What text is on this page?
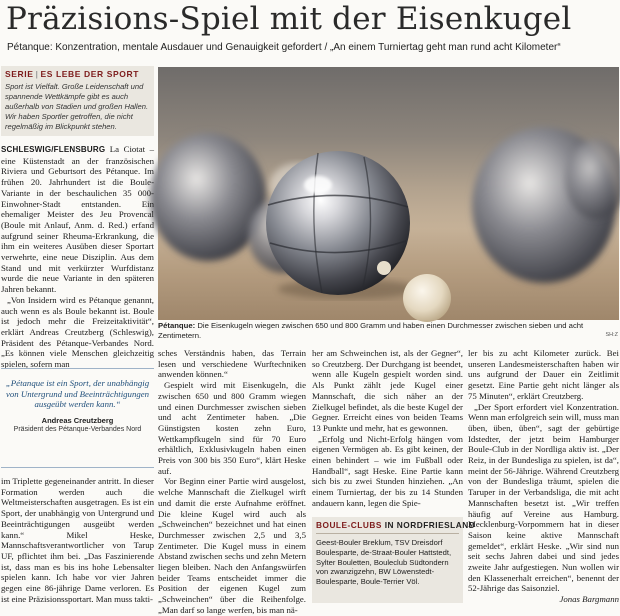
Präzisions-Spiel mit der Eisenkugel
Pétanque: Konzentration, mentale Ausdauer und Genauigkeit gefordert / „An einem Turniertag geht man rund acht Kilometer“
SERIE | ES LEBE DER SPORT
Sport ist Vielfalt. Große Leidenschaft und spannende Wettkämpfe gibt es auch außerhalb von Stadien und großen Hallen. Wir haben Sportler getroffen, die nicht regelmäßig im Blickpunkt stehen.
Pétanque: Die Eisenkugeln wiegen zwischen 650 und 800 Gramm und haben einen Durchmesser zwischen sieben und acht Zentimetern.	SH:Z

SCHLESWIG/FLENSBURG La Ciotat – eine Küstenstadt an der französischen Riviera und Geburtsort des Pétanque. Im frühen 20. Jahrhundert ist die Boule-Variante in der beschaulichen 35 000-Einwohner-Stadt entstanden. Ein ehemaliger Meister des Jeu Provencal (Boule mit Anlauf, Anm. d. Red.) erfand aufgrund seiner Rheuma-Erkrankung, die ihm ein weiteres Ausüben dieser Sportart verwehrte, eine neue Disziplin. Aus dem Stand und mit verkürzter Wurfdistanz wurde die neue Variante in den späteren Jahren bekannt.

„Von Insidern wird es Pétanque genannt, auch wenn es als Boule bekannt ist. Boule ist jedoch mehr die Freizeitaktivität“, erklärt Andreas Creutzberg (Schleswig), Präsident des Pétanque-Verbandes Nord. „Es können viele Menschen gleichzeitig spielen, sofern man

„Pétanque ist ein Sport, der unabhängig von Untergrund und Beeinträchtigungen ausgeübt werden kann.“
Andreas Creutzberg
Präsident des Pétanque-Verbandes Nord

im Triplette gegeneinander antritt. In dieser Formation werden auch die Weltmeisterschaften ausgetragen. Es ist ein Sport, der unabhängig von Untergrund und Beeinträchtigungen ausgeübt werden kann.“ Mikel Heske, Mannschaftsverantwortlicher von Tarup UF, pflichtet ihm bei. „Das Faszinierende ist, dass man es bis ins hohe Lebensalter spielen kann. Ich habe vor vier Jahren gegen eine 86-jährige Dame verloren. Es ist eine Präzisionssportart. Man muss takti-

sches Verständnis haben, das Terrain lesen und verschiedene Wurftechniken anwenden können.“

Gespielt wird mit Eisenkugeln, die zwischen 650 und 800 Gramm wiegen und einen Durchmesser zwischen sieben und acht Zentimeter haben. „Die Günstigsten kosten zehn Euro, Wettkampfkugeln sind für 70 Euro erhältlich, Exklusivkugeln haben einen Preis von 300 bis 350 Euro“, klärt Heske auf.

Vor Beginn einer Partie wird ausgelost, welche Mannschaft die Zielkugel wirft und damit die erste Aufnahme eröffnet. Die kleine Kugel wird auch als „Schweinchen“ bezeichnet und hat einen Durchmesser zwischen 2,5 und 3,5 Zentimeter. Die Kugel muss in einem Abstand zwischen sechs und zehn Metern liegen bleiben. Nach den Anfangswürfen beider Teams entscheidet immer die Position der eigenen Kugel zum „Schweinchen“ über die Reihenfolge. „Man darf so lange werfen, bis man nä-

her am Schweinchen ist, als der Gegner“, so Creutzberg. Der Durchgang ist beendet, wenn alle Kugeln gespielt worden sind. Als Punkt zählt jede Kugel einer Mannschaft, die sich näher an der Zielkugel befindet, als die beste Kugel der Gegner. Erreicht eines von beiden Teams 13 Punkte und mehr, hat es gewonnen.

„Erfolg und Nicht-Erfolg hängen vom eigenen Vermögen ab. Es gibt keinen, der einen behindert – wie im Fußball oder Handball“, sagt Heske. Eine Partie kann sich bis zu zwei Stunden hinziehen. „An einem Turniertag, der bis zu 14 Stunden andauern kann, legen die Spie-

BOULE-CLUBS IN NORDFRIESLAND
Geest-Bouler Breklum, TSV Dreisdorf Boulesparte, de-Straat-Bouler Hattstedt, Sylter Bouletten, Bouleclub Südtondern von zwanzigzehn, BW Löwenstedt-Boulesparte, Boule-Terrier Völ.

ler bis zu acht Kilometer zurück. Bei unseren Landesmeisterschaften haben wir uns aufgrund der Dauer ein Zeitlimit gesetzt. Eine Partie geht nicht länger als 75 Minuten“, erklärt Creutzberg.

„Der Sport erfordert viel Konzentration. Wenn man erfolgreich sein will, muss man üben, üben, üben“, sagt der gebürtige Idstedter, der jetzt beim Hamburger Boule-Club in der Nordliga aktiv ist. „Der Reiz, in der Bundesliga zu spielen, ist da“, meint der 56-Jährige. Während Creutzberg von der Bundesliga träumt, spielen die Taruper in der Verbandsliga, die mit acht Mannschaften besetzt ist. „Wir treffen häufig auf Vereine aus Hamburg. Mecklenburg-Vorpommern hat in dieser Saison keine aktive Mannschaft gemeldet“, erklärt Heske. „Wir sind nun seit sechs Jahren dabei und sind jedes zweite Jahr aufgestiegen. Nun wollen wir den Klassenerhalt erreichen“, benennt der 52-Jährige das Saisonziel.

Jonas Bargmann
